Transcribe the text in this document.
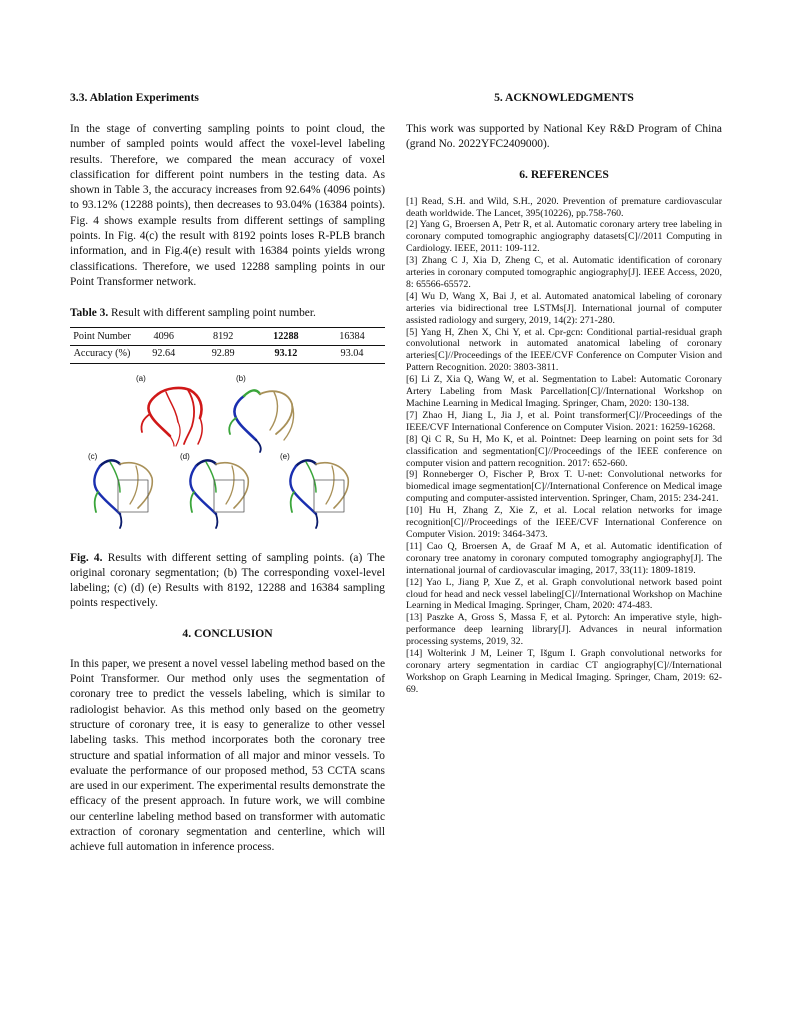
3.3. Ablation Experiments

In the stage of converting sampling points to point cloud, the number of sampled points would affect the voxel-level labeling results. Therefore, we compared the mean accuracy of voxel classification for different point numbers in the testing data. As shown in Table 3, the accuracy increases from 92.64% (4096 points) to 93.12% (12288 points), then decreases to 93.04% (16384 points). Fig. 4 shows example results from different settings of sampling points. In Fig. 4(c) the result with 8192 points loses R-PLB branch information, and in Fig.4(e) result with 16384 points yields wrong classifications. Therefore, we used 12288 sampling points in our Point Transformer network.

Table 3. Result with different sampling point number.

Point Number	4096	8192	12288	16384
Accuracy (%)	92.64	92.89	93.12	93.04
(a)	(b)
(c)	(d)	(e)

Fig. 4. Results with different setting of sampling points. (a) The original coronary segmentation; (b) The corresponding voxel-level labeling; (c) (d) (e) Results with 8192, 12288 and 16384 sampling points respectively.

4. CONCLUSION

In this paper, we present a novel vessel labeling method based on the Point Transformer. Our method only uses the segmentation of coronary tree to predict the vessels labeling, which is similar to radiologist behavior. As this method only based on the geometry structure of coronary tree, it is easy to generalize to other vessel labeling tasks. This method incorporates both the coronary tree structure and spatial information of all major and minor vessels. To evaluate the performance of our proposed method, 53 CCTA scans are used in our experiment. The experimental results demonstrate the efficacy of the present approach. In future work, we will combine our centerline labeling method based on transformer with automatic extraction of coronary segmentation and centerline, which will achieve full automation in inference process.

5. ACKNOWLEDGMENTS

This work was supported by National Key R&D Program of China (grand No. 2022YFC2409000).

6. REFERENCES

[1] Read, S.H. and Wild, S.H., 2020. Prevention of premature cardiovascular death worldwide. The Lancet, 395(10226), pp.758-760.

[2] Yang G, Broersen A, Petr R, et al. Automatic coronary artery tree labeling in coronary computed tomographic angiography datasets[C]//2011 Computing in Cardiology. IEEE, 2011: 109-112.

[3] Zhang C J, Xia D, Zheng C, et al. Automatic identification of coronary arteries in coronary computed tomographic angiography[J]. IEEE Access, 2020, 8: 65566-65572.

[4] Wu D, Wang X, Bai J, et al. Automated anatomical labeling of coronary arteries via bidirectional tree LSTMs[J]. International journal of computer assisted radiology and surgery, 2019, 14(2): 271-280.

[5] Yang H, Zhen X, Chi Y, et al. Cpr-gcn: Conditional partial-residual graph convolutional network in automated anatomical labeling of coronary arteries[C]//Proceedings of the IEEE/CVF Conference on Computer Vision and Pattern Recognition. 2020: 3803-3811.

[6] Li Z, Xia Q, Wang W, et al. Segmentation to Label: Automatic Coronary Artery Labeling from Mask Parcellation[C]//International Workshop on Machine Learning in Medical Imaging. Springer, Cham, 2020: 130-138.

[7] Zhao H, Jiang L, Jia J, et al. Point transformer[C]//Proceedings of the IEEE/CVF International Conference on Computer Vision. 2021: 16259-16268.

[8] Qi C R, Su H, Mo K, et al. Pointnet: Deep learning on point sets for 3d classification and segmentation[C]//Proceedings of the IEEE conference on computer vision and pattern recognition. 2017: 652-660.

[9] Ronneberger O, Fischer P, Brox T. U-net: Convolutional networks for biomedical image segmentation[C]//International Conference on Medical image computing and computer-assisted intervention. Springer, Cham, 2015: 234-241.

[10] Hu H, Zhang Z, Xie Z, et al. Local relation networks for image recognition[C]//Proceedings of the IEEE/CVF International Conference on Computer Vision. 2019: 3464-3473.

[11] Cao Q, Broersen A, de Graaf M A, et al. Automatic identification of coronary tree anatomy in coronary computed tomography angiography[J]. The international journal of cardiovascular imaging, 2017, 33(11): 1809-1819.

[12] Yao L, Jiang P, Xue Z, et al. Graph convolutional network based point cloud for head and neck vessel labeling[C]//International Workshop on Machine Learning in Medical Imaging. Springer, Cham, 2020: 474-483.

[13] Paszke A, Gross S, Massa F, et al. Pytorch: An imperative style, high-performance deep learning library[J]. Advances in neural information processing systems, 2019, 32.

[14] Wolterink J M, Leiner T, Išgum I. Graph convolutional networks for coronary artery segmentation in cardiac CT angiography[C]//International Workshop on Graph Learning in Medical Imaging. Springer, Cham, 2019: 62-69.
